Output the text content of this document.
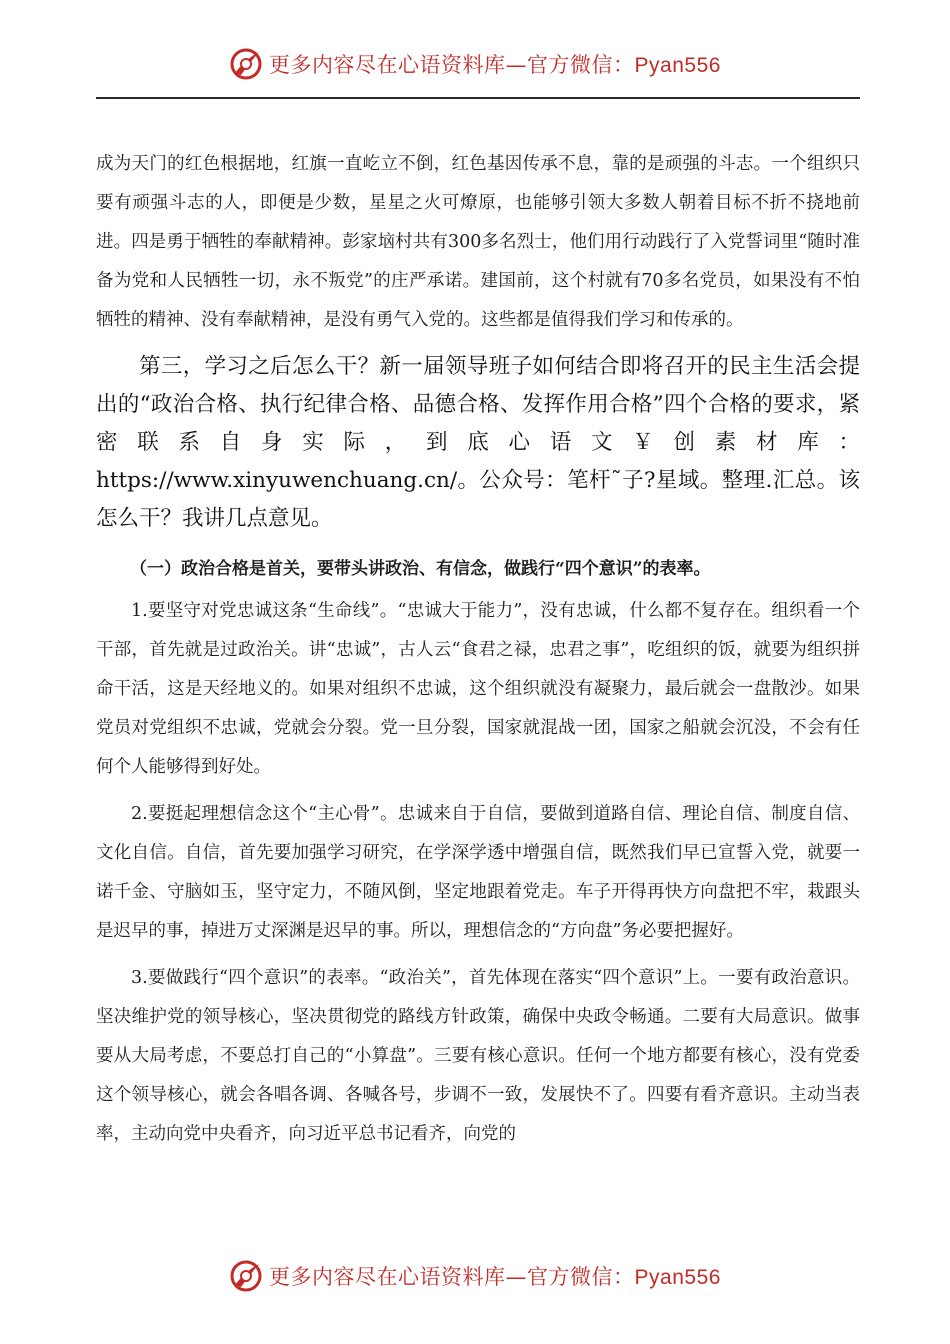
更多内容尽在心语资料库—官方微信：Pyan556

成为天门的红色根据地，红旗一直屹立不倒，红色基因传承不息，靠的是顽强的斗志。一个组织只要有顽强斗志的人，即便是少数，星星之火可燎原，也能够引领大多数人朝着目标不折不挠地前进。四是勇于牺牲的奉献精神。彭家垴村共有300多名烈士，他们用行动践行了入党誓词里“随时准备为党和人民牺牲一切，永不叛党”的庄严承诺。建国前，这个村就有70多名党员，如果没有不怕牺牲的精神、没有奉献精神，是没有勇气入党的。这些都是值得我们学习和传承的。

第三，学习之后怎么干？新一届领导班子如何结合即将召开的民主生活会提出的“政治合格、执行纪律合格、品德合格、发挥作用合格”四个合格的要求，紧密联系自身实际，到底心语文￥创素材库：https://www.xinyuwenchuang.cn/。公众号：笔杆˜子?星域。整理.汇总。该怎么干？我讲几点意见。

（一）政治合格是首关，要带头讲政治、有信念，做践行“四个意识”的表率。

1.要坚守对党忠诚这条“生命线”。“忠诚大于能力”，没有忠诚，什么都不复存在。组织看一个干部，首先就是过政治关。讲“忠诚”，古人云“食君之禄，忠君之事”，吃组织的饭，就要为组织拼命干活，这是天经地义的。如果对组织不忠诚，这个组织就没有凝聚力，最后就会一盘散沙。如果党员对党组织不忠诚，党就会分裂。党一旦分裂，国家就混战一团，国家之船就会沉没，不会有任何个人能够得到好处。

2.要挺起理想信念这个“主心骨”。忠诚来自于自信，要做到道路自信、理论自信、制度自信、文化自信。自信，首先要加强学习研究，在学深学透中增强自信，既然我们早已宣誓入党，就要一诺千金、守脑如玉，坚守定力，不随风倒，坚定地跟着党走。车子开得再快方向盘把不牢，栽跟头是迟早的事，掉进万丈深渊是迟早的事。所以，理想信念的“方向盘”务必要把握好。

3.要做践行“四个意识”的表率。“政治关”，首先体现在落实“四个意识”上。一要有政治意识。坚决维护党的领导核心，坚决贯彻党的路线方针政策，确保中央政令畅通。二要有大局意识。做事要从大局考虑，不要总打自己的“小算盘”。三要有核心意识。任何一个地方都要有核心，没有党委这个领导核心，就会各唱各调、各喊各号，步调不一致，发展快不了。四要有看齐意识。主动当表率，主动向党中央看齐，向习近平总书记看齐，向党的

更多内容尽在心语资料库—官方微信：Pyan556
